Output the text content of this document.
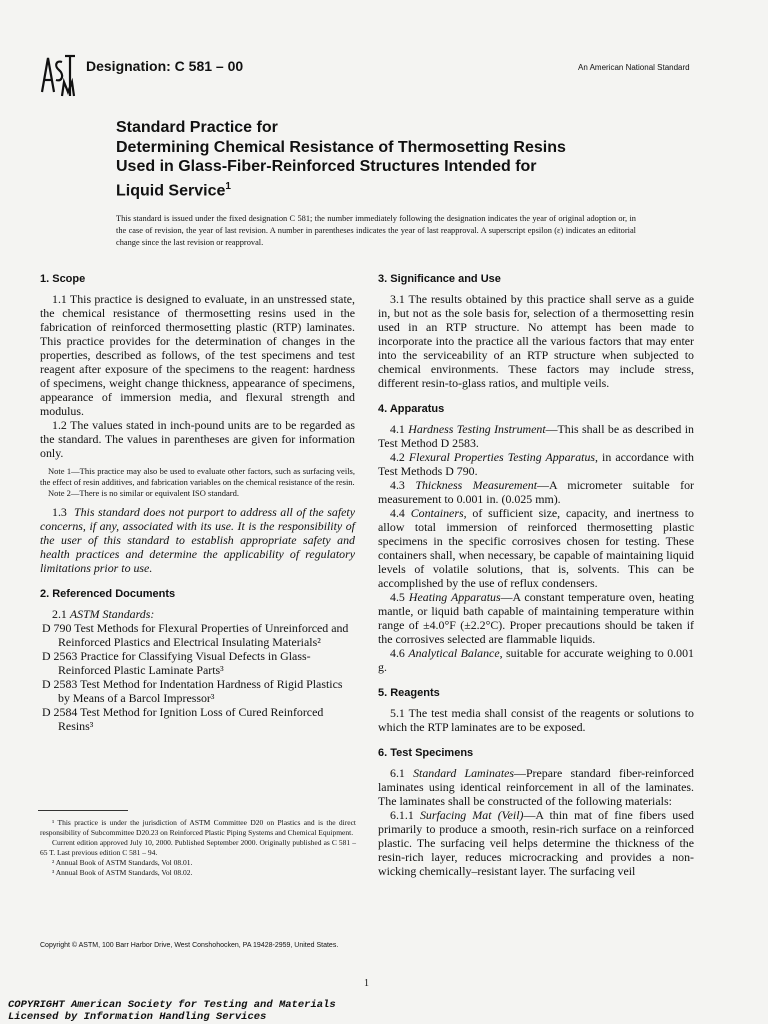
Designation: C 581 – 00	An American National Standard
Standard Practice for
Determining Chemical Resistance of Thermosetting Resins
Used in Glass-Fiber-Reinforced Structures Intended for
Liquid Service$^1$
This standard is issued under the fixed designation C 581; the number immediately following the designation indicates the year of original adoption or, in the case of revision, the year of last revision. A number in parentheses indicates the year of last reapproval. A superscript epsilon (ε) indicates an editorial change since the last revision or reapproval.
1. Scope

1.1 This practice is designed to evaluate, in an unstressed state, the chemical resistance of thermosetting resins used in the fabrication of reinforced thermosetting plastic (RTP) laminates. This practice provides for the determination of changes in the properties, described as follows, of the test specimens and test reagent after exposure of the specimens to the reagent: hardness of specimens, weight change thickness, appearance of specimens, appearance of immersion media, and flexural strength and modulus.

1.2 The values stated in inch-pound units are to be regarded as the standard. The values in parentheses are given for information only.

Note 1—This practice may also be used to evaluate other factors, such as surfacing veils, the effect of resin additives, and fabrication variables on the chemical resistance of the resin.

Note 2—There is no similar or equivalent ISO standard.

1.3 This standard does not purport to address all of the safety concerns, if any, associated with its use. It is the responsibility of the user of this standard to establish appropriate safety and health practices and determine the applicability of regulatory limitations prior to use.

2. Referenced Documents

2.1 ASTM Standards:

D 790 Test Methods for Flexural Properties of Unreinforced and Reinforced Plastics and Electrical Insulating Materials²

D 2563 Practice for Classifying Visual Defects in Glass-Reinforced Plastic Laminate Parts³

D 2583 Test Method for Indentation Hardness of Rigid Plastics by Means of a Barcol Impressor³

D 2584 Test Method for Ignition Loss of Cured Reinforced Resins³

¹ This practice is under the jurisdiction of ASTM Committee D20 on Plastics and is the direct responsibility of Subcommittee D20.23 on Reinforced Plastic Piping Systems and Chemical Equipment.

Current edition approved July 10, 2000. Published September 2000. Originally published as C 581 – 65 T. Last previous edition C 581 – 94.

² Annual Book of ASTM Standards, Vol 08.01.

³ Annual Book of ASTM Standards, Vol 08.02.

3. Significance and Use

3.1 The results obtained by this practice shall serve as a guide in, but not as the sole basis for, selection of a thermosetting resin used in an RTP structure. No attempt has been made to incorporate into the practice all the various factors that may enter into the serviceability of an RTP structure when subjected to chemical environments. These factors may include stress, different resin-to-glass ratios, and multiple veils.

4. Apparatus

4.1 Hardness Testing Instrument—This shall be as described in Test Method D 2583.

4.2 Flexural Properties Testing Apparatus, in accordance with Test Methods D 790.

4.3 Thickness Measurement—A micrometer suitable for measurement to 0.001 in. (0.025 mm).

4.4 Containers, of sufficient size, capacity, and inertness to allow total immersion of reinforced thermosetting plastic specimens in the specific corrosives chosen for testing. These containers shall, when necessary, be capable of maintaining liquid levels of volatile solutions, that is, solvents. This can be accomplished by the use of reflux condensers.

4.5 Heating Apparatus—A constant temperature oven, heating mantle, or liquid bath capable of maintaining temperature within range of ±4.0°F (±2.2°C). Proper precautions should be taken if the corrosives selected are flammable liquids.

4.6 Analytical Balance, suitable for accurate weighing to 0.001 g.

5. Reagents

5.1 The test media shall consist of the reagents or solutions to which the RTP laminates are to be exposed.

6. Test Specimens

6.1 Standard Laminates—Prepare standard fiber-reinforced laminates using identical reinforcement in all of the laminates. The laminates shall be constructed of the following materials:

6.1.1 Surfacing Mat (Veil)—A thin mat of fine fibers used primarily to produce a smooth, resin-rich surface on a reinforced plastic. The surfacing veil helps determine the thickness of the resin-rich layer, reduces microcracking and provides a non-wicking chemically–resistant layer. The surfacing veil

Copyright © ASTM, 100 Barr Harbor Drive, West Conshohocken, PA 19428-2959, United States.
1
COPYRIGHT American Society for Testing and Materials
Licensed by Information Handling Services
